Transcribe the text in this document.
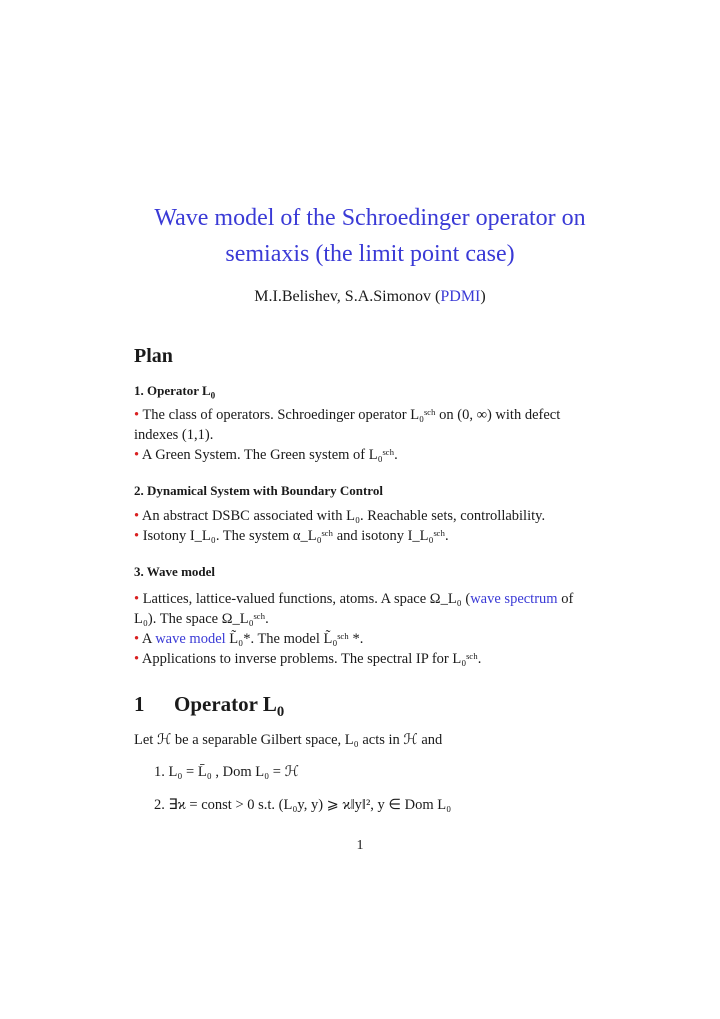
Wave model of the Schroedinger operator on
semiaxis (the limit point case)
M.I.Belishev, S.A.Simonov (PDMI)
Plan
1. Operator $L_0$
• The class of operators. Schroedinger operator L₀ˢᶜʰ on (0, ∞) with defect
indexes (1,1).
• A Green System. The Green system of L₀ˢᶜʰ.
2. Dynamical System with Boundary Control
• An abstract DSBC associated with L₀. Reachable sets, controllability.
• Isotony I_L₀. The system α_L₀ˢᶜʰ and isotony I_L₀ˢᶜʰ.
3. Wave model
• Lattices, lattice-valued functions, atoms. A space Ω_L₀ (wave spectrum of
L₀). The space Ω_L₀ˢᶜʰ.
• A wave model L̃₀*. The model L̃₀ˢᶜʰ *.
• Applications to inverse problems. The spectral IP for L₀ˢᶜʰ.
1 Operator $L_0$
Let ℋ be a separable Gilbert space, L₀ acts in ℋ and
1. L₀ = L̄₀ , Dom L₀ = ℋ
2. ∃ϰ = const > 0 s.t. (L₀y, y) ⩾ ϰ‖y‖², y ∈ Dom L₀
1
